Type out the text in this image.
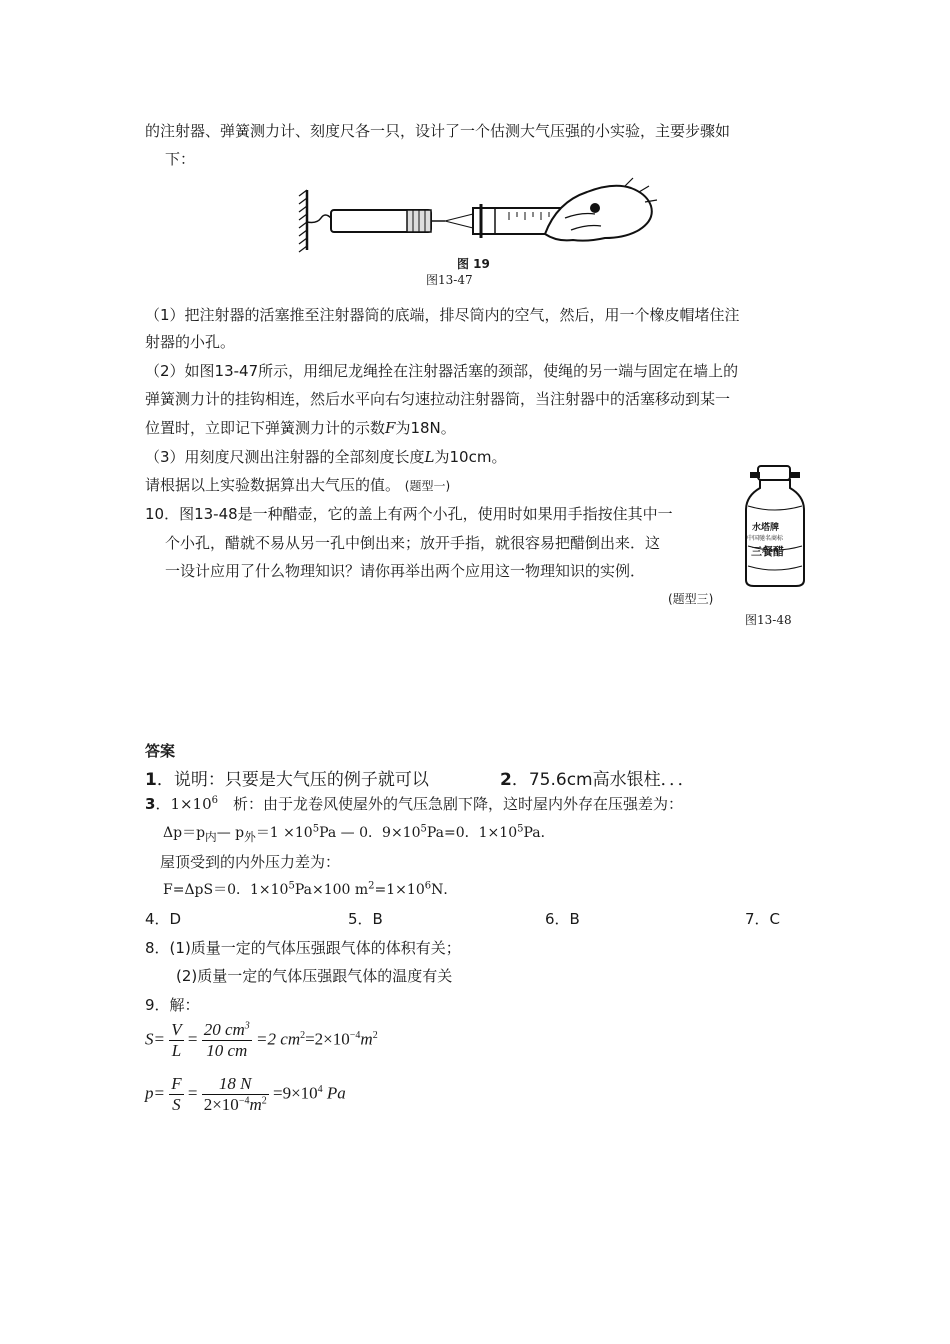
的注射器、弹簧测力计、刻度尺各一只，设计了一个估测大气压强的小实验，主要步骤如
下：
图 19
图13-47
（1）把注射器的活塞推至注射器筒的底端，排尽筒内的空气，然后，用一个橡皮帽堵住注
射器的小孔。
（2）如图13-47所示，用细尼龙绳拴在注射器活塞的颈部，使绳的另一端与固定在墙上的
弹簧测力计的挂钩相连，然后水平向右匀速拉动注射器筒，当注射器中的活塞移动到某一
位置时，立即记下弹簧测力计的示数F为18N。
（3）用刻度尺测出注射器的全部刻度长度L为10cm。
请根据以上实验数据算出大气压的值。 (题型一)
10．图13-48是一种醋壶，它的盖上有两个小孔，使用时如果用手指按住其中一
个小孔，醋就不易从另一孔中倒出来；放开手指，就很容易把醋倒出来．这
一设计应用了什么物理知识？请你再举出两个应用这一物理知识的实例．
(题型三)
水塔牌
中国驰名商标
三餐醋
图13-48
答案
1．说明：只要是大气压的例子就可以	2．75.6cm高水银柱．．．
3．$1\times 10^6$　析：由于龙卷风使屋外的气压急剧下降，这时屋内外存在压强差为：
$\Delta p=p_内—$ $p_外=1 \times 10^5Pa$ — 0．$9\times 10^5Pa=0$．$1\times 10^5Pa$．
屋顶受到的内外压力差为：
F=ΔpS＝0．$1\times 10^5Pa\times 100$ $m^2=1\times 10^6N$．
4．D	5．B	6．B	7．C
8．(1)质量一定的气体压强跟气体的体积有关；
(2)质量一定的气体压强跟气体的温度有关
9．解：
$S= \frac{V}{L} = \frac{20 cm^3}{10 cm} =2$ $cm^2=2\times 10^{-4}m^2$
$p= \frac{F}{S} = \frac{18 N}{2\times 10^{-4}m^2} =9\times 10^4$ Pa
